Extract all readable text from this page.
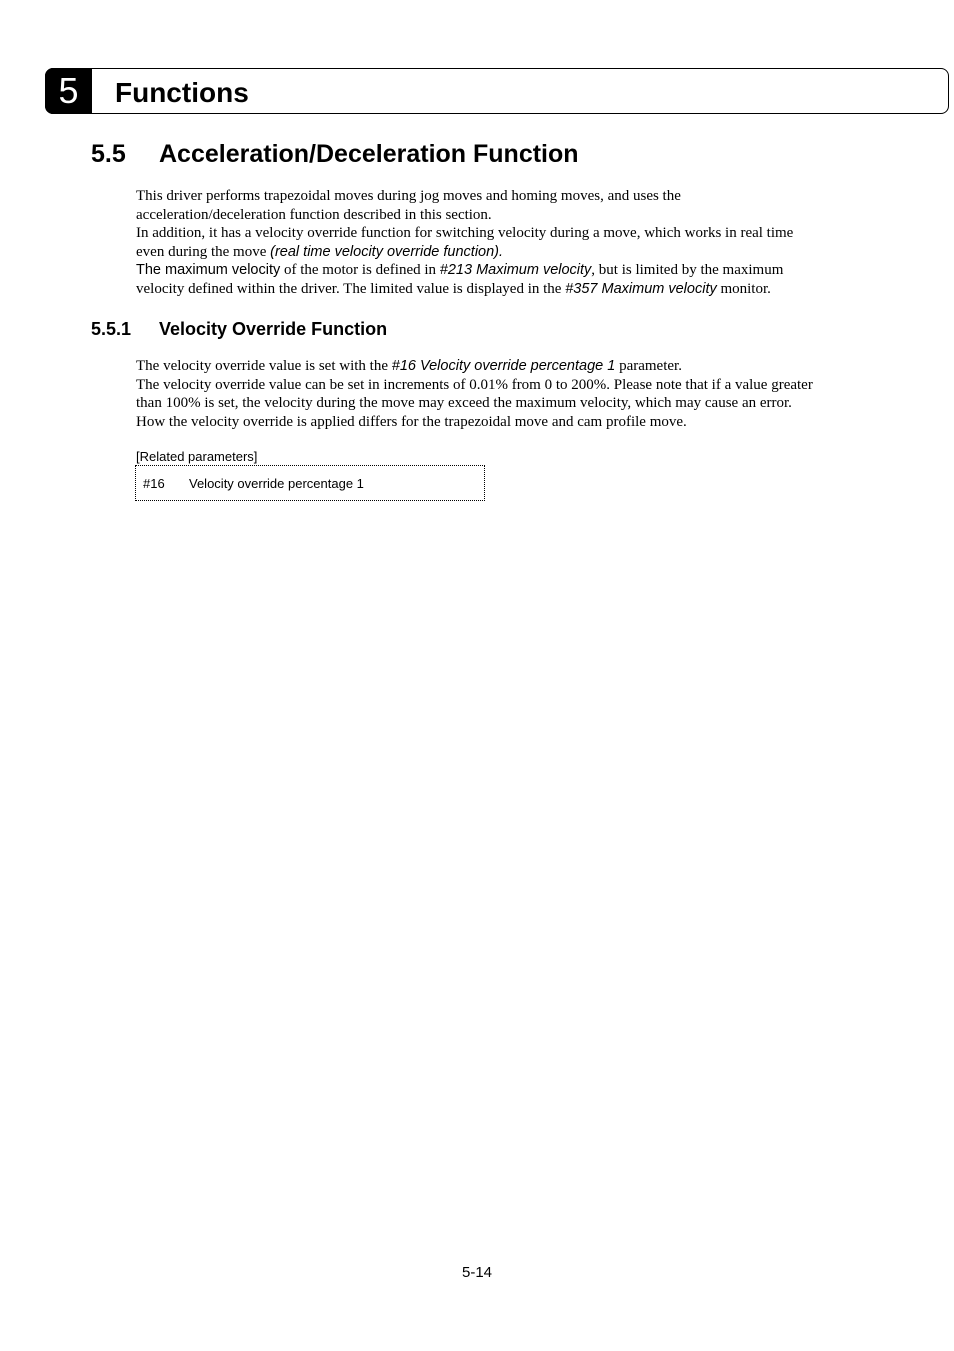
5	Functions
5.5 Acceleration/Deceleration Function
This driver performs trapezoidal moves during jog moves and homing moves, and uses the
acceleration/deceleration function described in this section.
In addition, it has a velocity override function for switching velocity during a move, which works in real time
even during the move (real time velocity override function).
The maximum velocity of the motor is defined in #213 Maximum velocity, but is limited by the maximum
velocity defined within the driver. The limited value is displayed in the #357 Maximum velocity monitor.
5.5.1 Velocity Override Function
The velocity override value is set with the #16 Velocity override percentage 1 parameter.
The velocity override value can be set in increments of 0.01% from 0 to 200%. Please note that if a value greater
than 100% is set, the velocity during the move may exceed the maximum velocity, which may cause an error.
How the velocity override is applied differs for the trapezoidal move and cam profile move.
[Related parameters]
#16 Velocity override percentage 1
5-14
